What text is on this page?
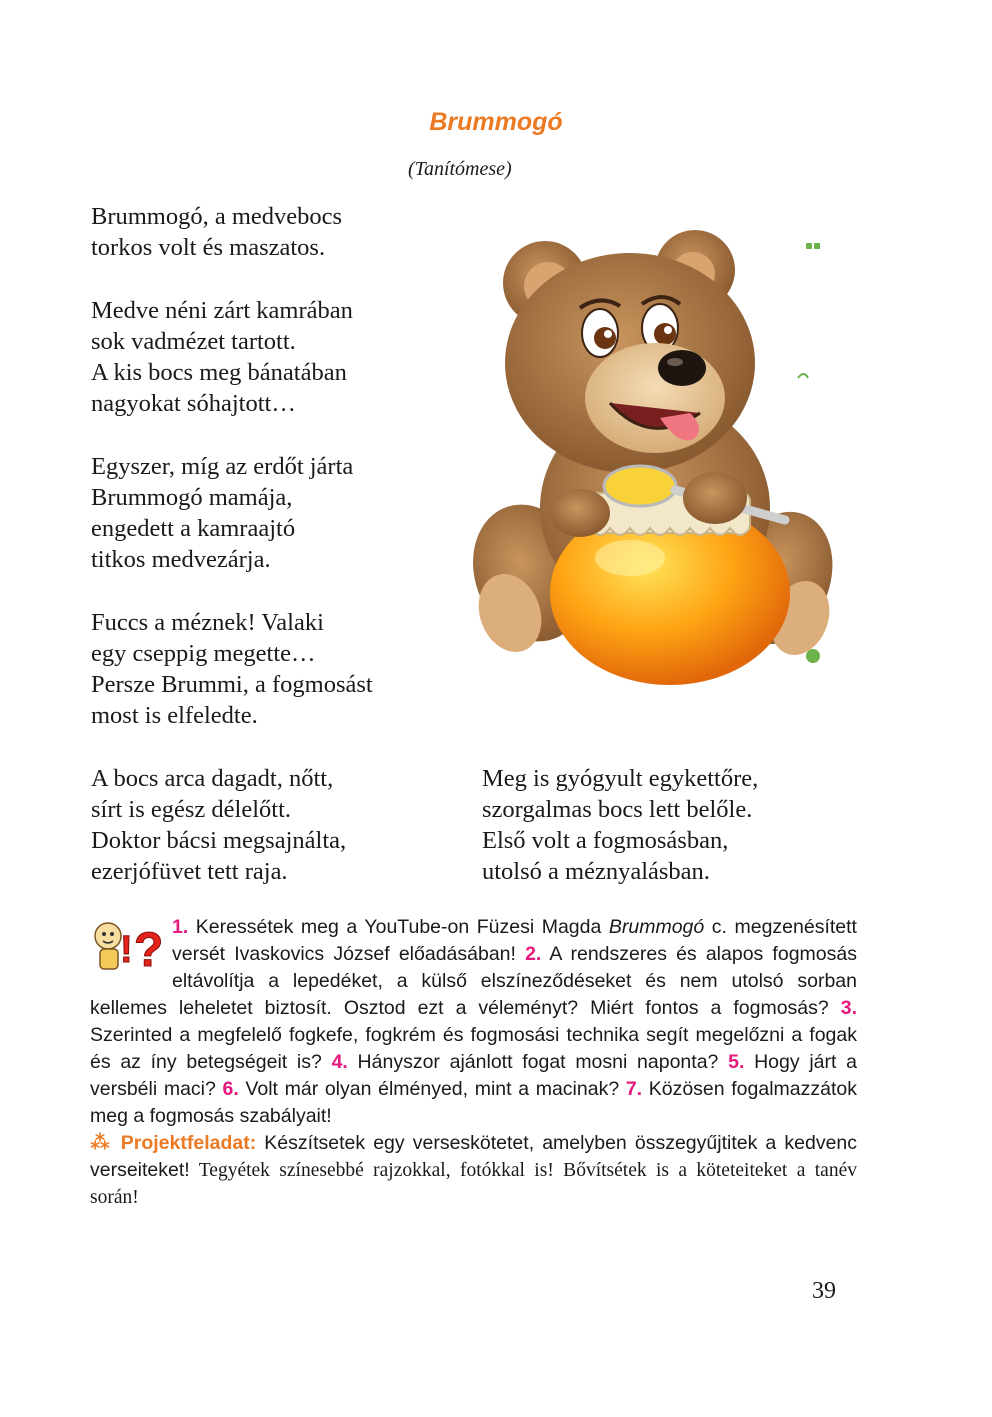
Brummogó
(Tanítómese)
Brummogó, a medvebocs
torkos volt és maszatos.
Medve néni zárt kamrában
sok vadmézet tartott.
A kis bocs meg bánatában
nagyokat sóhajtott…
Egyszer, míg az erdőt járta
Brummogó mamája,
engedett a kamraajtó
titkos medvezárja.
Fuccs a méznek! Valaki
egy cseppig megette…
Persze Brummi, a fogmosást
most is elfeledte.
A bocs arca dagadt, nőtt,
sírt is egész délelőtt.
Doktor bácsi megsajnálta,
ezerjófüvet tett raja.
Meg is gyógyult egykettőre,
szorgalmas bocs lett belőle.
Első volt a fogmosásban,
utolsó a méznyalásban.
! ? 1. Keressétek meg a YouTube-on Füzesi Magda Brummogó c. megzenésített versét Ivaskovics József előadásában! 2. A rendszeres és alapos fogmosás eltávolítja a lepedéket, a külső elszíneződéseket és nem utolsó sorban kellemes leheletet biztosít. Osztod ezt a véleményt? Miért fontos a fogmosás? 3. Szerinted a megfelelő fogkefe, fogkrém és fogmosási technika segít megelőzni a fogak és az íny betegségeit is? 4. Hányszor ajánlott fogat mosni naponta? 5. Hogy járt a versbéli maci? 6. Volt már olyan élményed, mint a macinak? 7. Közösen fogalmazzátok meg a fogmosás szabályait!
⁂ Projektfeladat: Készítsetek egy verseskötetet, amelyben összegyűjtitek a kedvenc verseiteket! Tegyétek színesebbé rajzokkal, fotókkal is! Bővítsétek is a köteteiteket a tanév során!
39
